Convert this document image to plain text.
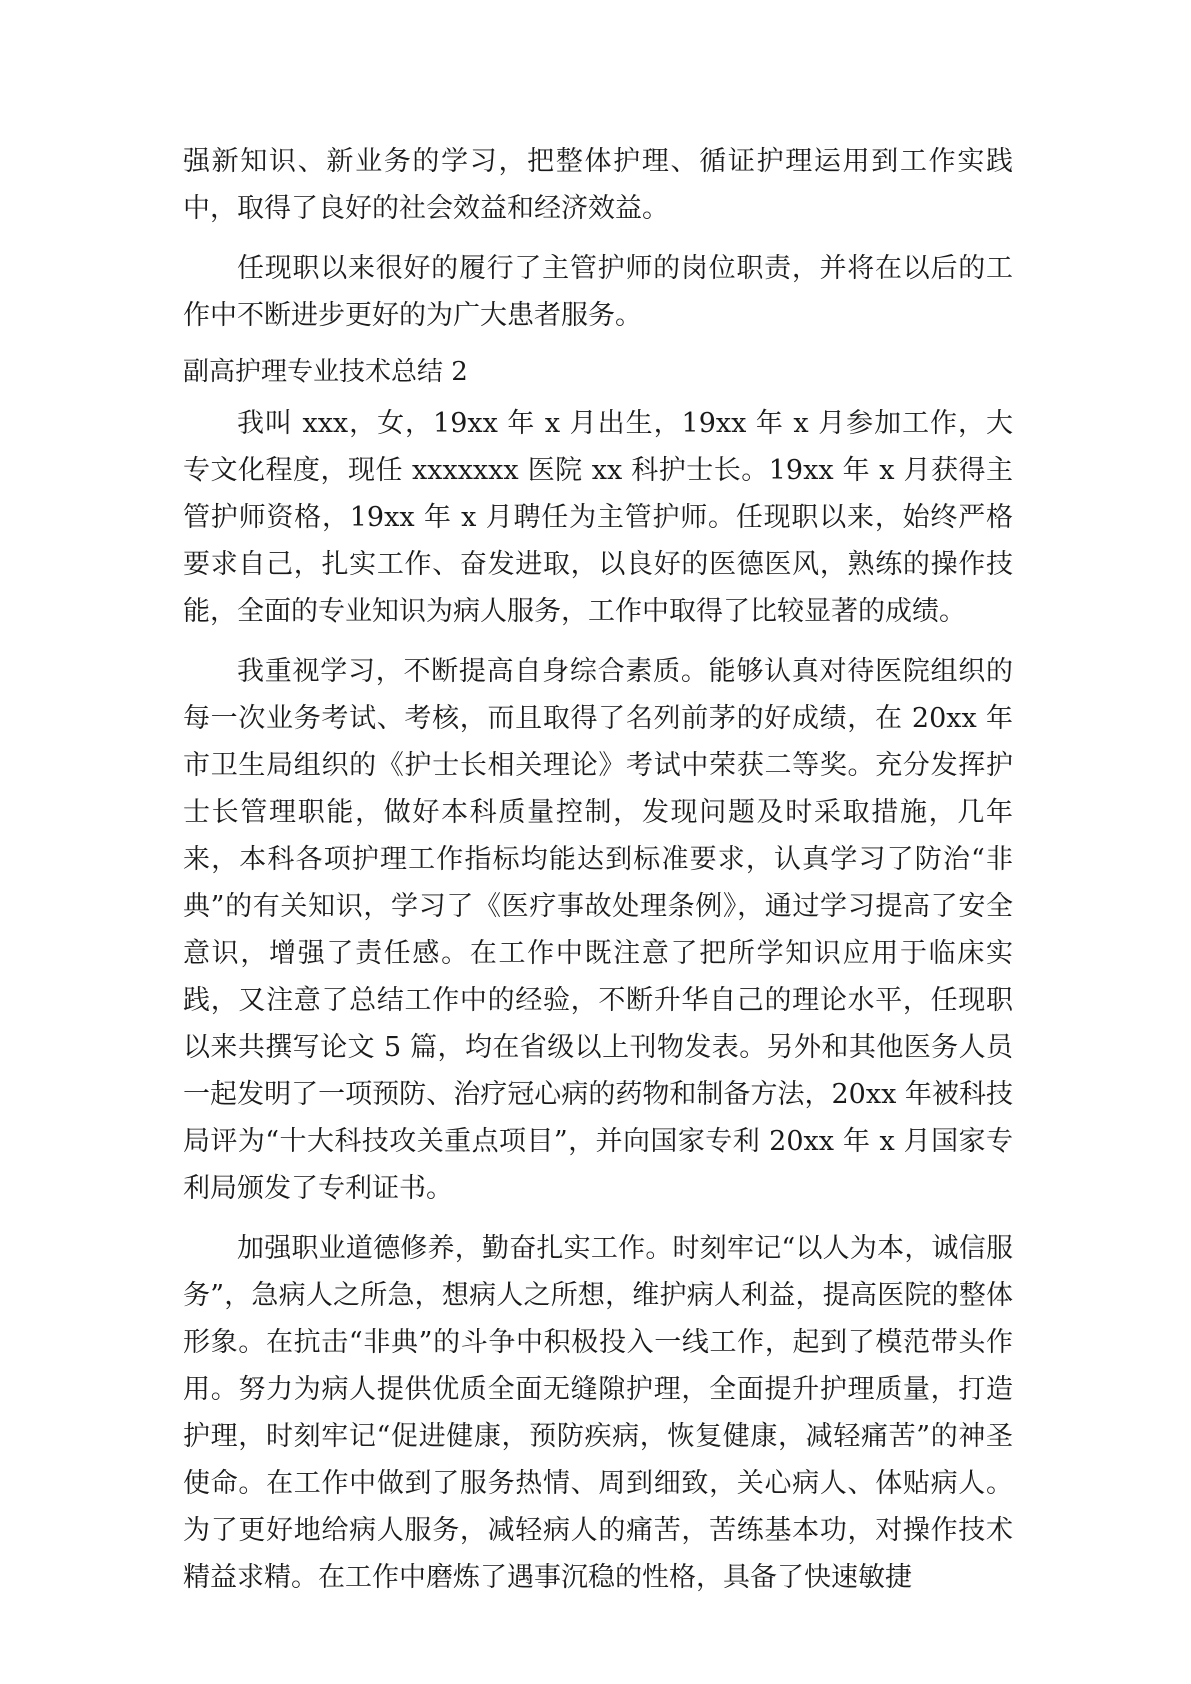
强新知识、新业务的学习，把整体护理、循证护理运用到工作实践中，取得了良好的社会效益和经济效益。

任现职以来很好的履行了主管护师的岗位职责，并将在以后的工作中不断进步更好的为广大患者服务。

副高护理专业技术总结 2

我叫 xxx，女，19xx 年 x 月出生，19xx 年 x 月参加工作，大专文化程度，现任 xxxxxxx 医院 xx 科护士长。19xx 年 x 月获得主管护师资格，19xx 年 x 月聘任为主管护师。任现职以来，始终严格要求自己，扎实工作、奋发进取，以良好的医德医风，熟练的操作技能，全面的专业知识为病人服务，工作中取得了比较显著的成绩。

我重视学习，不断提高自身综合素质。能够认真对待医院组织的每一次业务考试、考核，而且取得了名列前茅的好成绩，在 20xx 年市卫生局组织的《护士长相关理论》考试中荣获二等奖。充分发挥护士长管理职能，做好本科质量控制，发现问题及时采取措施，几年来，本科各项护理工作指标均能达到标准要求，认真学习了防治“非典”的有关知识，学习了《医疗事故处理条例》，通过学习提高了安全意识，增强了责任感。在工作中既注意了把所学知识应用于临床实践，又注意了总结工作中的经验，不断升华自己的理论水平，任现职以来共撰写论文 5 篇，均在省级以上刊物发表。另外和其他医务人员一起发明了一项预防、治疗冠心病的药物和制备方法，20xx 年被科技局评为“十大科技攻关重点项目”，并向国家专利 20xx 年 x 月国家专利局颁发了专利证书。

加强职业道德修养，勤奋扎实工作。时刻牢记“以人为本，诚信服务”，急病人之所急，想病人之所想，维护病人利益，提高医院的整体形象。在抗击“非典”的斗争中积极投入一线工作，起到了模范带头作用。努力为病人提供优质全面无缝隙护理，全面提升护理质量，打造护理，时刻牢记“促进健康，预防疾病，恢复健康，减轻痛苦”的神圣使命。在工作中做到了服务热情、周到细致，关心病人、体贴病人。为了更好地给病人服务，减轻病人的痛苦，苦练基本功，对操作技术精益求精。在工作中磨炼了遇事沉稳的性格，具备了快速敏捷
